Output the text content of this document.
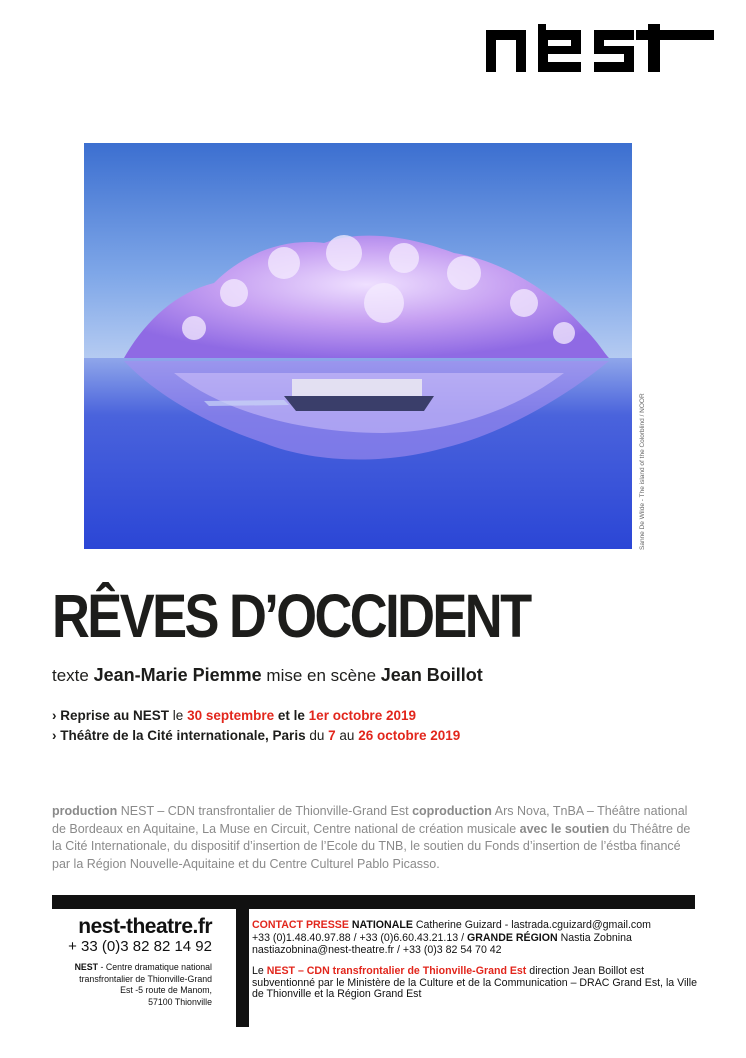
Sanne De Wilde - The island of the Colorblind / NOOR
RÊVES D’OCCIDENT
texte Jean-Marie Piemme mise en scène Jean Boillot
› Reprise au NEST le 30 septembre et le 1er octobre 2019
› Théâtre de la Cité internationale, Paris du 7 au 26 octobre 2019
production NEST – CDN transfrontalier de Thionville-Grand Est coproduction Ars Nova, TnBA – Théâtre national de Bordeaux en Aquitaine, La Muse en Circuit, Centre national de création musicale avec le soutien du Théâtre de la Cité Internationale, du dispositif d’insertion de l’Ecole du TNB, le soutien du Fonds d’insertion de l’éstba financé par la Région Nouvelle-Aquitaine et du Centre Culturel Pablo Picasso.
nest-theatre.fr
+ 33 (0)3 82 82 14 92
NEST - Centre dramatique national
transfrontalier de Thionville-Grand
Est -5 route de Manom,
57100 Thionville
CONTACT PRESSE NATIONALE Catherine Guizard - lastrada.cguizard@gmail.com
+33 (0)1.48.40.97.88 / +33 (0)6.60.43.21.13 / GRANDE RÉGION Nastia Zobnina
nastiazobnina@nest-theatre.fr / +33 (0)3 82 54 70 42
Le NEST – CDN transfrontalier de Thionville-Grand Est direction Jean Boillot est subventionné par le Ministère de la Culture et de la Communication – DRAC Grand Est, la Ville de Thionville et la Région Grand Est
